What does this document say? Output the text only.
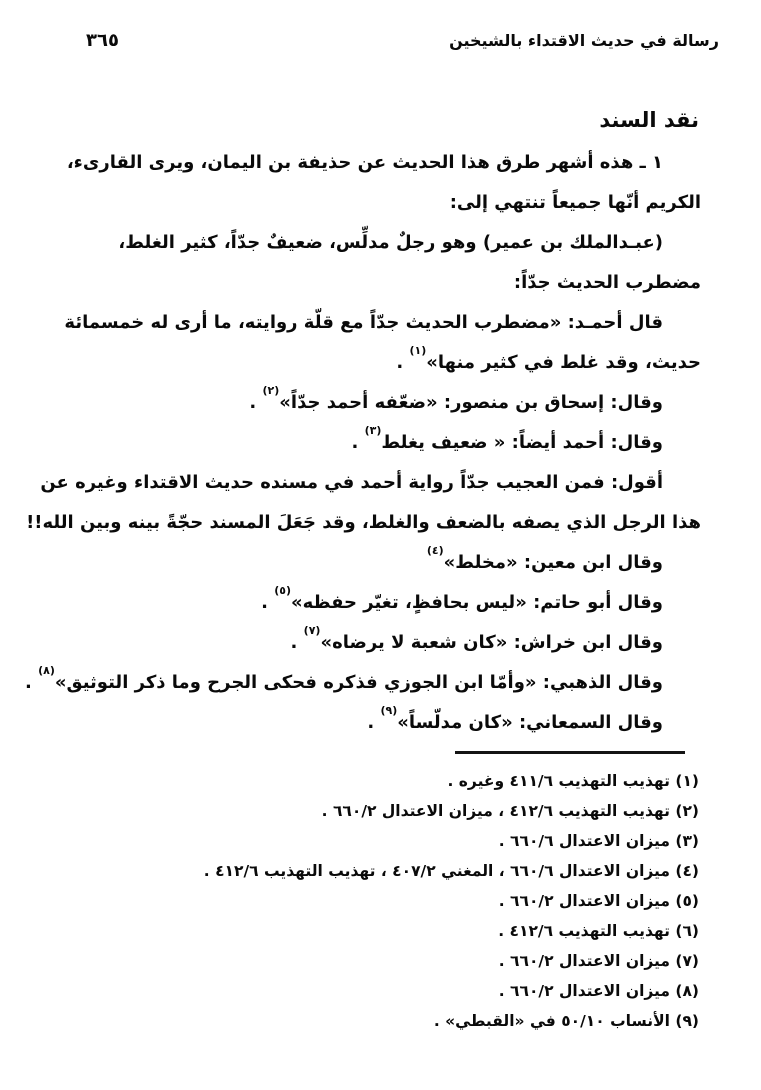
رسالة في حديث الاقتداء بالشيخين
٣٦٥
نقد السند
١ ـ هذه أشهر طرق هذا الحديث عن حذيفة بن اليمان، ويرى القارىء،
الكريم أنّها جميعاً تنتهي إلى:
(عبـدالملك بن عمير) وهو رجلٌ مدلِّس، ضعيفٌ جدّاً، كثير الغلط،
مضطرب الحديث جدّاً:
قال أحمـد: «مضطرب الحديث جدّاً مع قلّة روايته، ما أرى له خمسمائة
حديث، وقد غلط في كثير منها»$^{(١)}$ .
وقال: إسحاق بن منصور: «ضعّفه أحمد جدّاً»$^{(٢)}$ .
وقال: أحمد أيضاً: « ضعيف يغلط$^{(٣)}$ .
أقول: فمن العجيب جدّاً رواية أحمد في مسنده حديث الاقتداء وغيره عن
هذا الرجل الذي يصفه بالضعف والغلط، وقد جَعَلَ المسند حجّةً بينه وبين الله!!
وقال ابن معين: «مخلط»$^{(٤)}$
وقال أبو حاتم: «ليس بحافظٍ، تغيّر حفظه»$^{(٥)}$ .
وقال ابن خراش: «كان شعبة لا يرضاه»$^{(٧)}$ .
وقال الذهبي: «وأمّا ابن الجوزي فذكره فحكى الجرح وما ذكر التوثيق»$^{(٨)}$ .
وقال السمعاني: «كان مدلّساً»$^{(٩)}$ .
(١) تهذيب التهذيب ٤١١/٦ وغيره .
(٢) تهذيب التهذيب ٤١٢/٦ ، ميزان الاعتدال ٦٦٠/٢ .
(٣) ميزان الاعتدال ٦٦٠/٦ .
(٤) ميزان الاعتدال ٦٦٠/٦ ، المغني ٤٠٧/٢ ، تهذيب التهذيب ٤١٢/٦ .
(٥) ميزان الاعتدال ٦٦٠/٢ .
(٦) تهذيب التهذيب ٤١٢/٦ .
(٧) ميزان الاعتدال ٦٦٠/٢ .
(٨) ميزان الاعتدال ٦٦٠/٢ .
(٩) الأنساب ٥٠/١٠ في «القبطي» .
